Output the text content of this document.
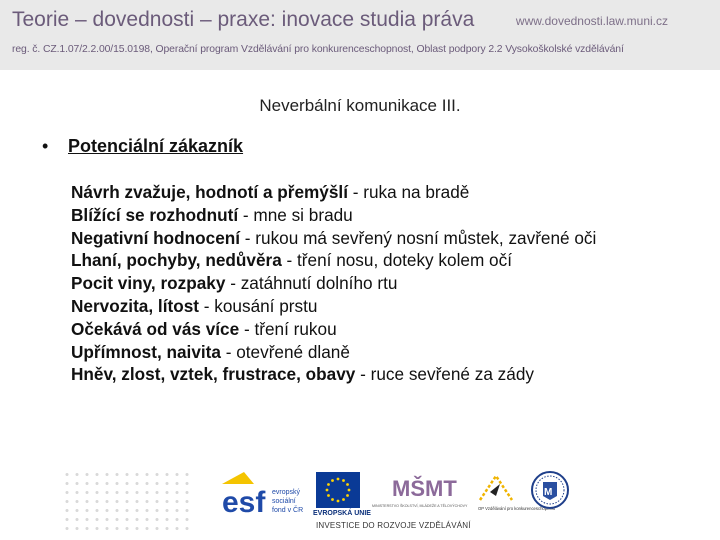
Teorie – dovednosti – praxe: inovace studia práva	www.dovednosti.law.muni.cz
reg. č. CZ.1.07/2.2.00/15.0198, Operační program Vzdělávání pro konkurenceschopnost, Oblast podpory 2.2 Vysokoškolské vzdělávání
Neverbální komunikace III.
•	Potenciální zákazník
Návrh zvažuje, hodnotí a přemýšlí - ruka na bradě
Blížící se rozhodnutí - mne si bradu
Negativní hodnocení - rukou má sevřený nosní můstek, zavřené oči
Lhaní, pochyby, nedůvěra - tření nosu, doteky kolem očí
Pocit viny, rozpaky - zatáhnutí dolního rtu
Nervozita, lítost - kousání prstu
Očekává od vás více - tření rukou
Upřímnost, naivita - otevřené dlaně
Hněv, zlost, vztek, frustrace, obavy - ruce sevřené za zády
esf evropský
sociální
fond v ČR EVROPSKÁ UNIE
MŠMT
MINISTERSTVO ŠKOLSTVÍ, MLÁDEŽE A TĚLOVÝCHOVY	OP Vzdělávání pro konkurenceschopnost
M
INVESTICE DO ROZVOJE VZDĚLÁVÁNÍ
